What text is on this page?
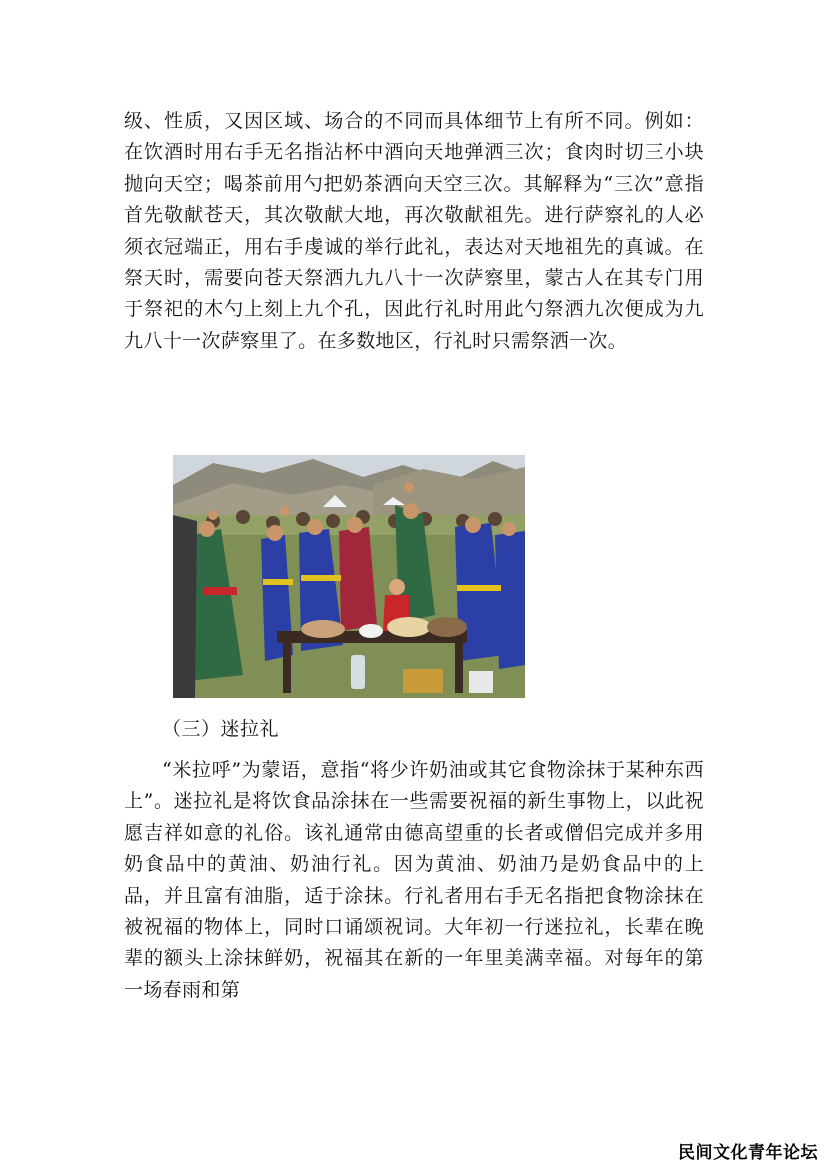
级、性质，又因区域、场合的不同而具体细节上有所不同。例如：在饮酒时用右手无名指沾杯中酒向天地弹洒三次；食肉时切三小块抛向天空；喝茶前用勺把奶茶洒向天空三次。其解释为“三次”意指首先敬献苍天，其次敬献大地，再次敬献祖先。进行萨察礼的人必须衣冠端正，用右手虔诚的举行此礼，表达对天地祖先的真诚。在祭天时，需要向苍天祭洒九九八十一次萨察里，蒙古人在其专门用于祭祀的木勺上刻上九个孔，因此行礼时用此勺祭洒九次便成为九九八十一次萨察里了。在多数地区，行礼时只需祭洒一次。

（三）迷拉礼

“米拉呼”为蒙语，意指“将少许奶油或其它食物涂抹于某种东西上”。迷拉礼是将饮食品涂抹在一些需要祝福的新生事物上，以此祝愿吉祥如意的礼俗。该礼通常由德高望重的长者或僧侣完成并多用奶食品中的黄油、奶油行礼。因为黄油、奶油乃是奶食品中的上品，并且富有油脂，适于涂抹。行礼者用右手无名指把食物涂抹在被祝福的物体上，同时口诵颂祝词。大年初一行迷拉礼，长辈在晚辈的额头上涂抹鲜奶，祝福其在新的一年里美满幸福。对每年的第一场春雨和第

民间文化青年论坛
